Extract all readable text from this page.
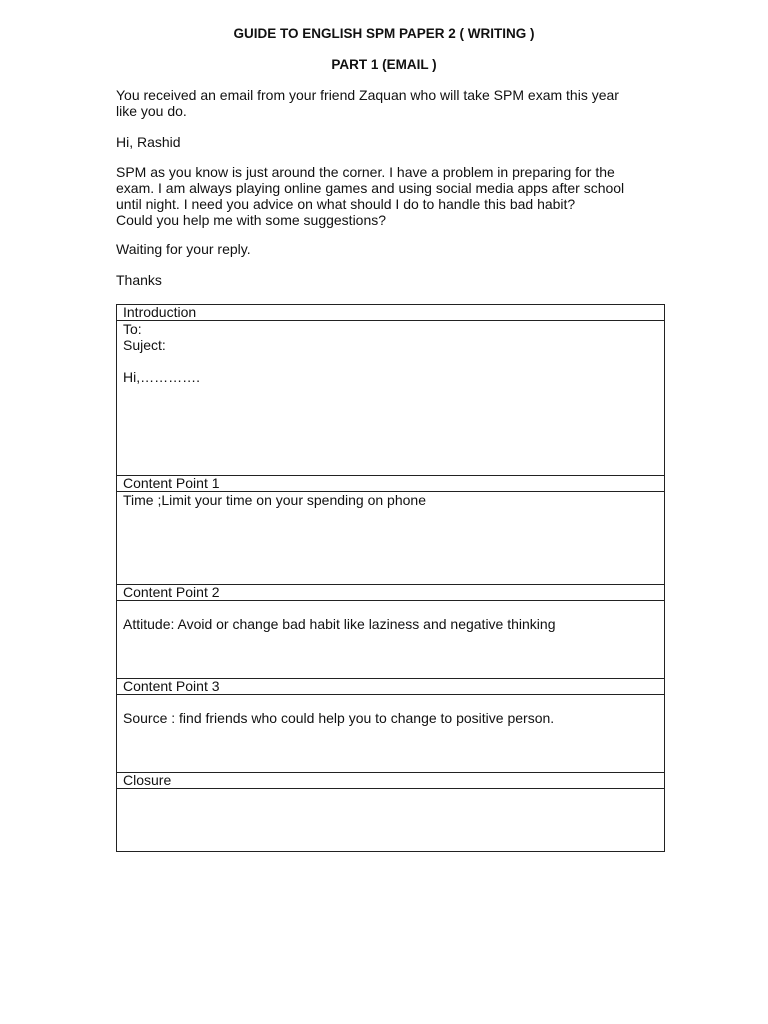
GUIDE TO ENGLISH SPM PAPER 2 ( WRITING )
PART 1 (EMAIL )
You received an email from your friend Zaquan who will take SPM exam this year
like you do.
Hi, Rashid
SPM as you know is just around the corner. I have a problem in preparing for the
exam. I am always playing online games and using social media apps after school
until night. I need you advice on what should I do to handle this bad habit?
Could you help me with some suggestions?
Waiting for your reply.
Thanks
Introduction
To:
Suject:
Hi,………….
Content Point 1
Time ;Limit your time on your spending on phone
Content Point 2
Attitude: Avoid or change bad habit like laziness and negative thinking
Content Point 3
Source : find friends who could help you to change to positive person.
Closure
